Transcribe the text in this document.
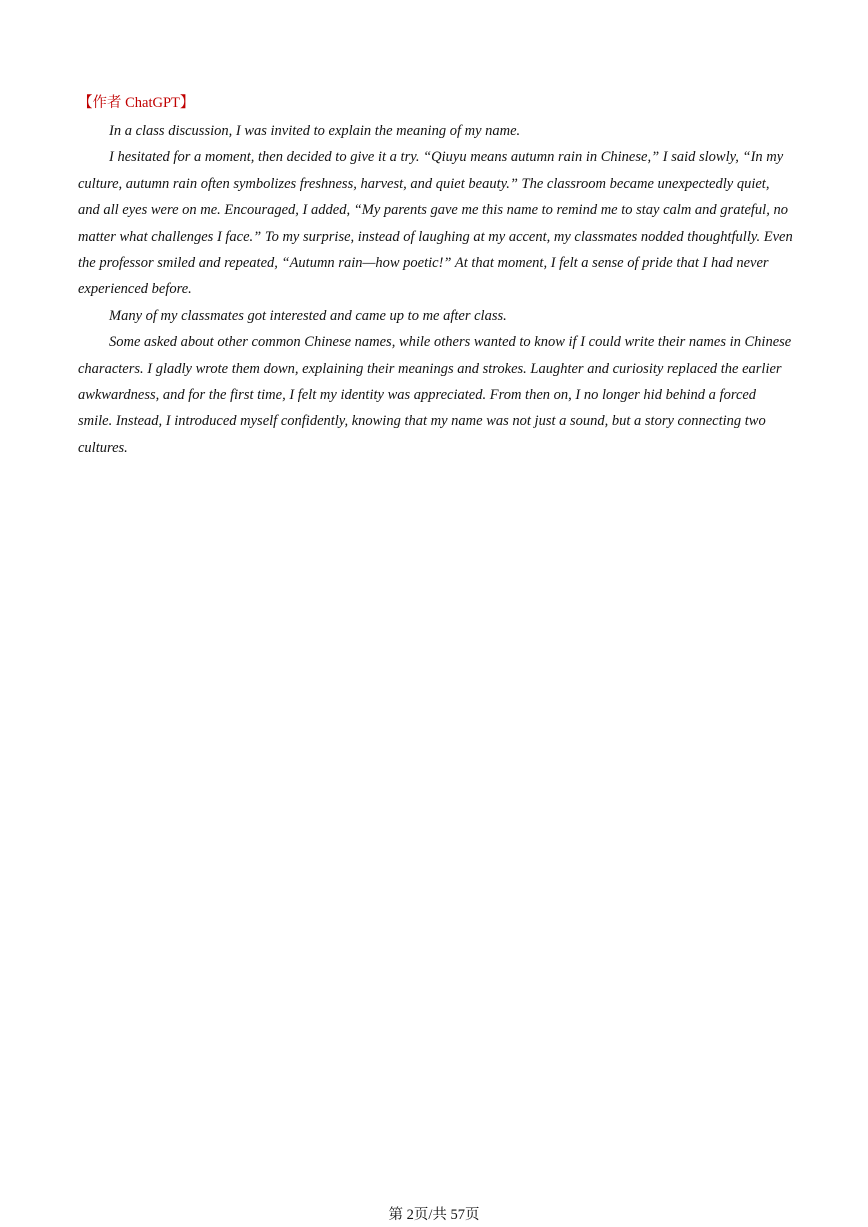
【作者 ChatGPT】

In a class discussion, I was invited to explain the meaning of my name.

I hesitated for a moment, then decided to give it a try. “Qiuyu means autumn rain in Chinese,” I said slowly, “In my culture, autumn rain often symbolizes freshness, harvest, and quiet beauty.” The classroom became unexpectedly quiet, and all eyes were on me. Encouraged, I added, “My parents gave me this name to remind me to stay calm and grateful, no matter what challenges I face.” To my surprise, instead of laughing at my accent, my classmates nodded thoughtfully. Even the professor smiled and repeated, “Autumn rain—how poetic!” At that moment, I felt a sense of pride that I had never experienced before.

Many of my classmates got interested and came up to me after class.

Some asked about other common Chinese names, while others wanted to know if I could write their names in Chinese characters. I gladly wrote them down, explaining their meanings and strokes. Laughter and curiosity replaced the earlier awkwardness, and for the first time, I felt my identity was appreciated. From then on, I no longer hid behind a forced smile. Instead, I introduced myself confidently, knowing that my name was not just a sound, but a story connecting two cultures.

第 2页/共 57页
